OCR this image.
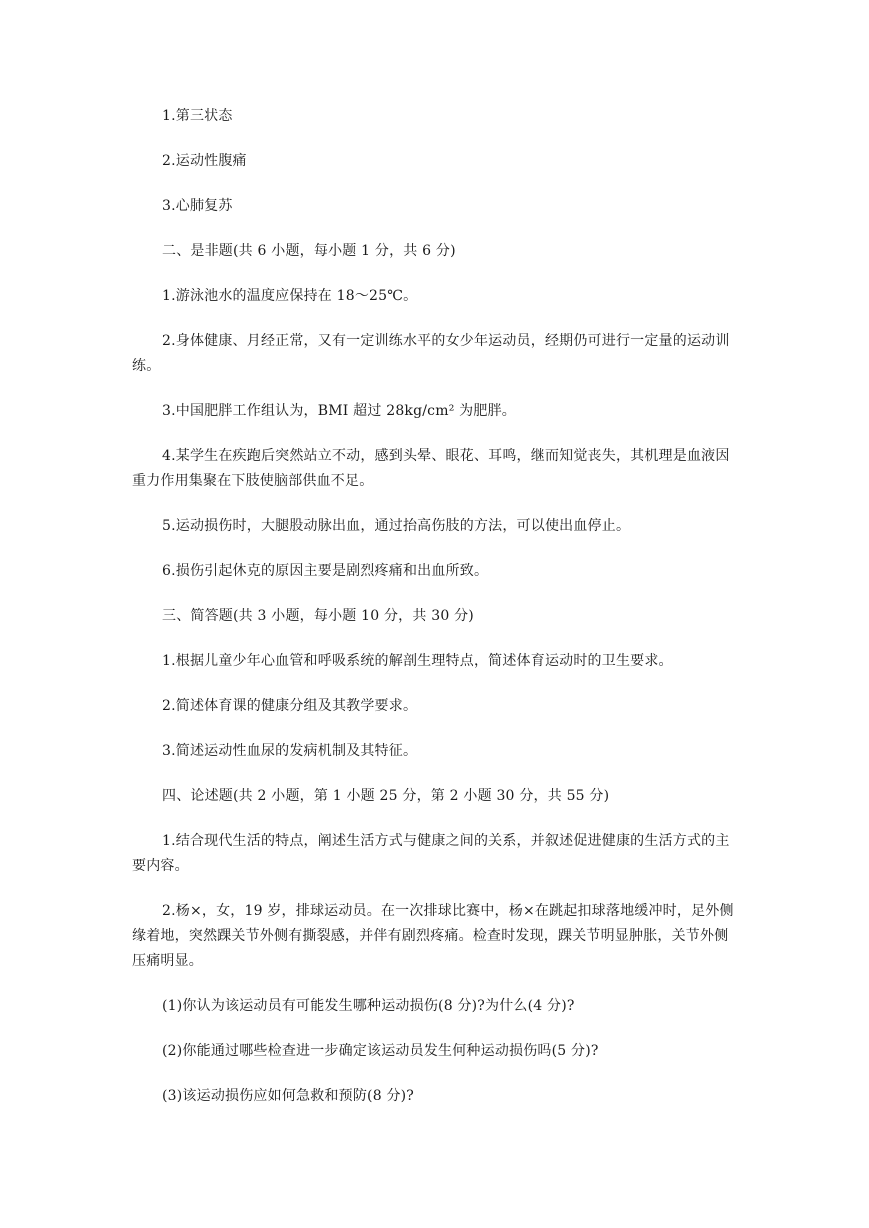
1.第三状态

2.运动性腹痛

3.心肺复苏

二、是非题(共 6 小题，每小题 1 分，共 6 分)

1.游泳池水的温度应保持在 18～25℃。

2.身体健康、月经正常，又有一定训练水平的女少年运动员，经期仍可进行一定量的运动训练。

3.中国肥胖工作组认为，BMI 超过 28kg/cm² 为肥胖。

4.某学生在疾跑后突然站立不动，感到头晕、眼花、耳鸣，继而知觉丧失，其机理是血液因重力作用集聚在下肢使脑部供血不足。

5.运动损伤时，大腿股动脉出血，通过抬高伤肢的方法，可以使出血停止。

6.损伤引起休克的原因主要是剧烈疼痛和出血所致。

三、简答题(共 3 小题，每小题 10 分，共 30 分)

1.根据儿童少年心血管和呼吸系统的解剖生理特点，简述体育运动时的卫生要求。

2.简述体育课的健康分组及其教学要求。

3.简述运动性血尿的发病机制及其特征。

四、论述题(共 2 小题，第 1 小题 25 分，第 2 小题 30 分，共 55 分)

1.结合现代生活的特点，阐述生活方式与健康之间的关系，并叙述促进健康的生活方式的主要内容。

2.杨×，女，19 岁，排球运动员。在一次排球比赛中，杨×在跳起扣球落地缓冲时，足外侧缘着地，突然踝关节外侧有撕裂感，并伴有剧烈疼痛。检查时发现，踝关节明显肿胀，关节外侧压痛明显。

(1)你认为该运动员有可能发生哪种运动损伤(8 分)?为什么(4 分)?

(2)你能通过哪些检查进一步确定该运动员发生何种运动损伤吗(5 分)?

(3)该运动损伤应如何急救和预防(8 分)?
